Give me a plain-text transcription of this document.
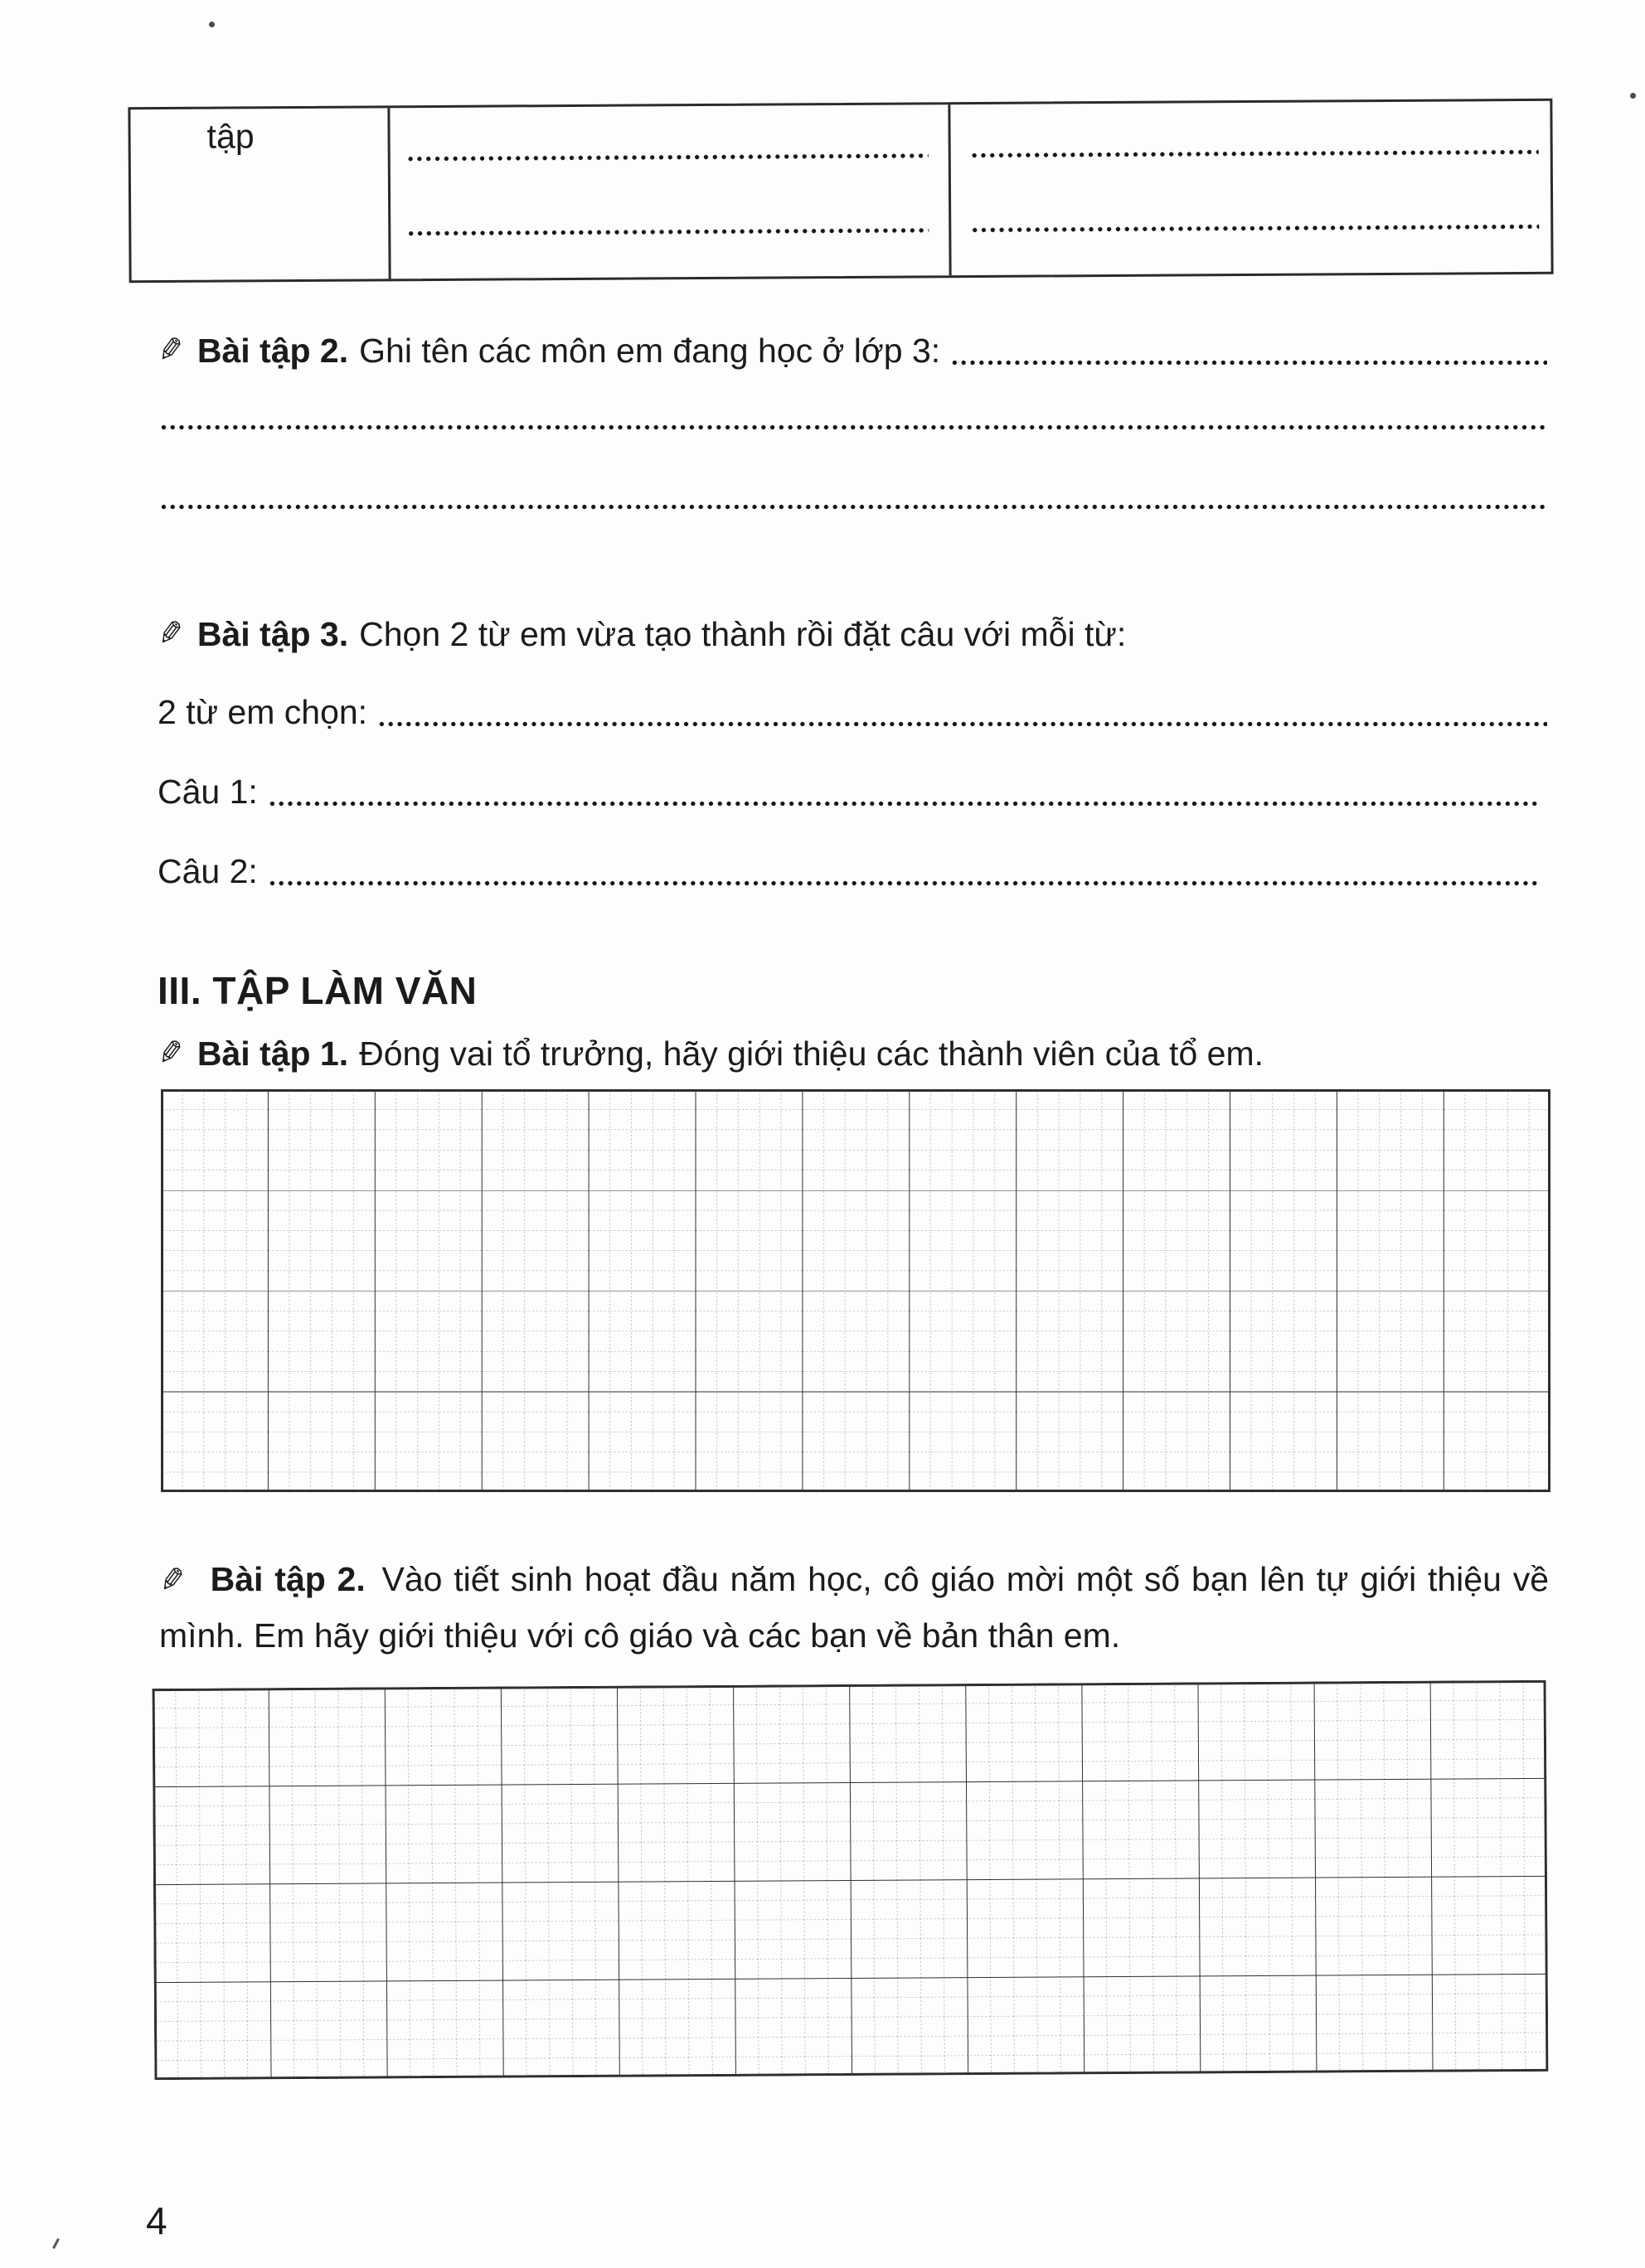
tập
✎ Bài tập 2. Ghi tên các môn em đang học ở lớp 3:
✎ Bài tập 3. Chọn 2 từ em vừa tạo thành rồi đặt câu với mỗi từ:
2 từ em chọn:
Câu 1:
Câu 2:
III. TẬP LÀM VĂN
✎ Bài tập 1. Đóng vai tổ trưởng, hãy giới thiệu các thành viên của tổ em.
✎ Bài tập 2. Vào tiết sinh hoạt đầu năm học, cô giáo mời một số bạn lên tự giới thiệu về mình. Em hãy giới thiệu với cô giáo và các bạn về bản thân em.
4
